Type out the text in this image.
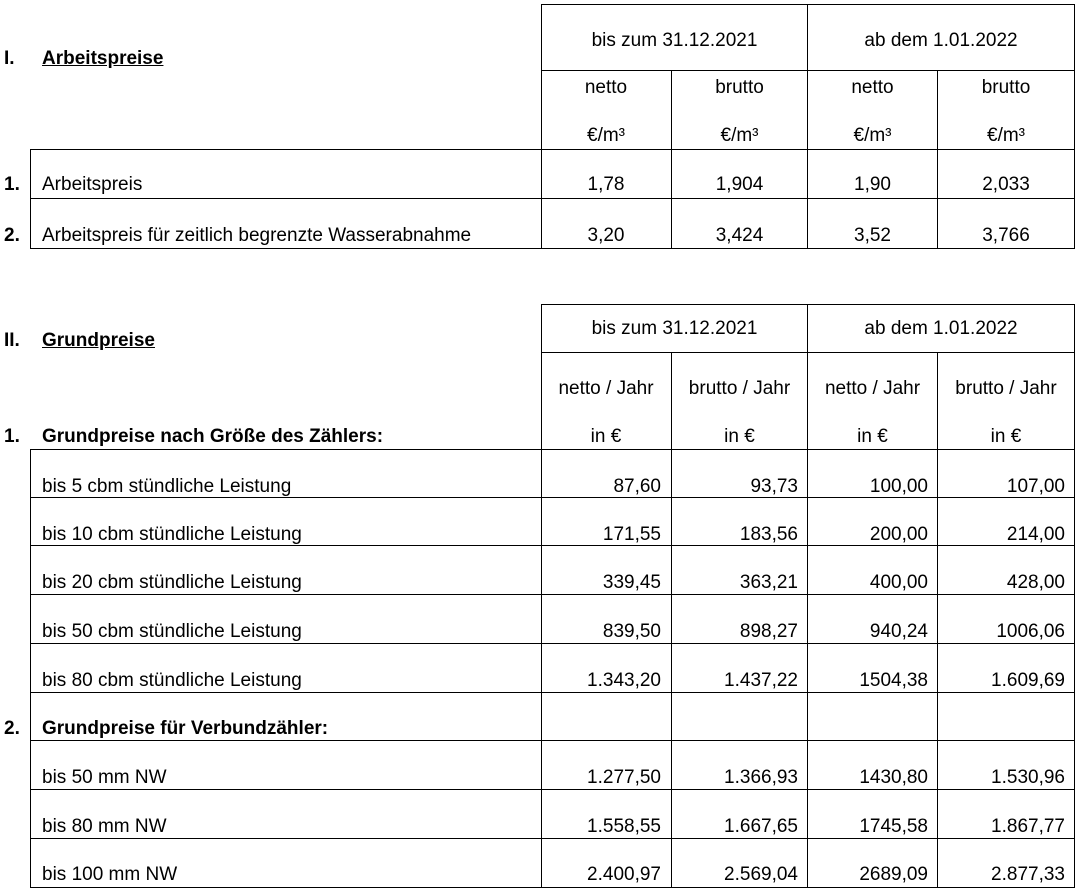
I. Arbeitspreise
bis zum 31.12.2021	ab dem 1.01.2022
netto	brutto	netto	brutto
€/m³	€/m³	€/m³	€/m³
1. Arbeitspreis	1,78	1,904	1,90	2,033
2. Arbeitspreis für zeitlich begrenzte Wasserabnahme	3,20	3,424	3,52	3,766
II. Grundpreise
bis zum 31.12.2021	ab dem 1.01.2022
netto / Jahr	brutto / Jahr	netto / Jahr	brutto / Jahr
1. Grundpreise nach Größe des Zählers:	in €	in €	in €	in €
bis 5 cbm stündliche Leistung	87,60	93,73	100,00	107,00
bis 10 cbm stündliche Leistung	171,55	183,56	200,00	214,00
bis 20 cbm stündliche Leistung	339,45	363,21	400,00	428,00
bis 50 cbm stündliche Leistung	839,50	898,27	940,24	1006,06
bis 80 cbm stündliche Leistung	1.343,20	1.437,22	1504,38	1.609,69
2. Grundpreise für Verbundzähler:
bis 50 mm NW	1.277,50	1.366,93	1430,80	1.530,96
bis 80 mm NW	1.558,55	1.667,65	1745,58	1.867,77
bis 100 mm NW	2.400,97	2.569,04	2689,09	2.877,33
